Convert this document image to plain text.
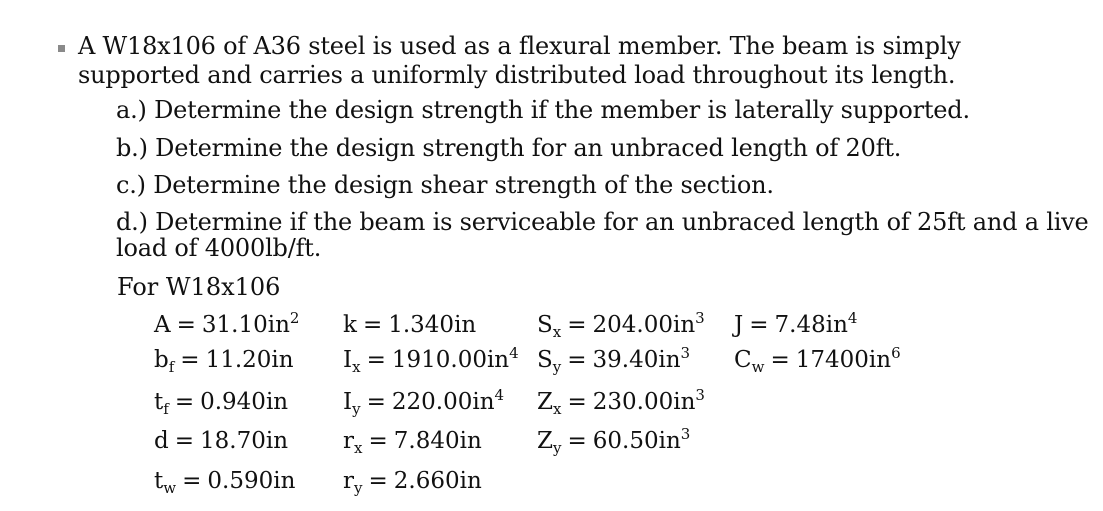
A W18x106 of A36 steel is used as a flexural member. The beam is simply supported and carries a uniformly distributed load throughout its length.

a.) Determine the design strength if the member is laterally supported.

b.) Determine the design strength for an unbraced length of 20ft.

c.) Determine the design shear strength of the section.

d.) Determine if the beam is serviceable for an unbraced length of 25ft and a live load of 4000lb/ft.

For W18x106

$A = 31.10in^2$

$b_f = 11.20in$

$t_f = 0.940in$

d = 18.70in

$t_w = 0.590in$

k = 1.340in

$I_x = 1910.00in^4$

$I_y = 220.00in^4$

$r_x = 7.840in$

$r_y = 2.660in$

$S_x = 204.00in^3$

$S_y = 39.40in^3$

$Z_x = 230.00in^3$

$Z_y = 60.50in^3$

$J = 7.48in^4$

$C_w = 17400in^6$
